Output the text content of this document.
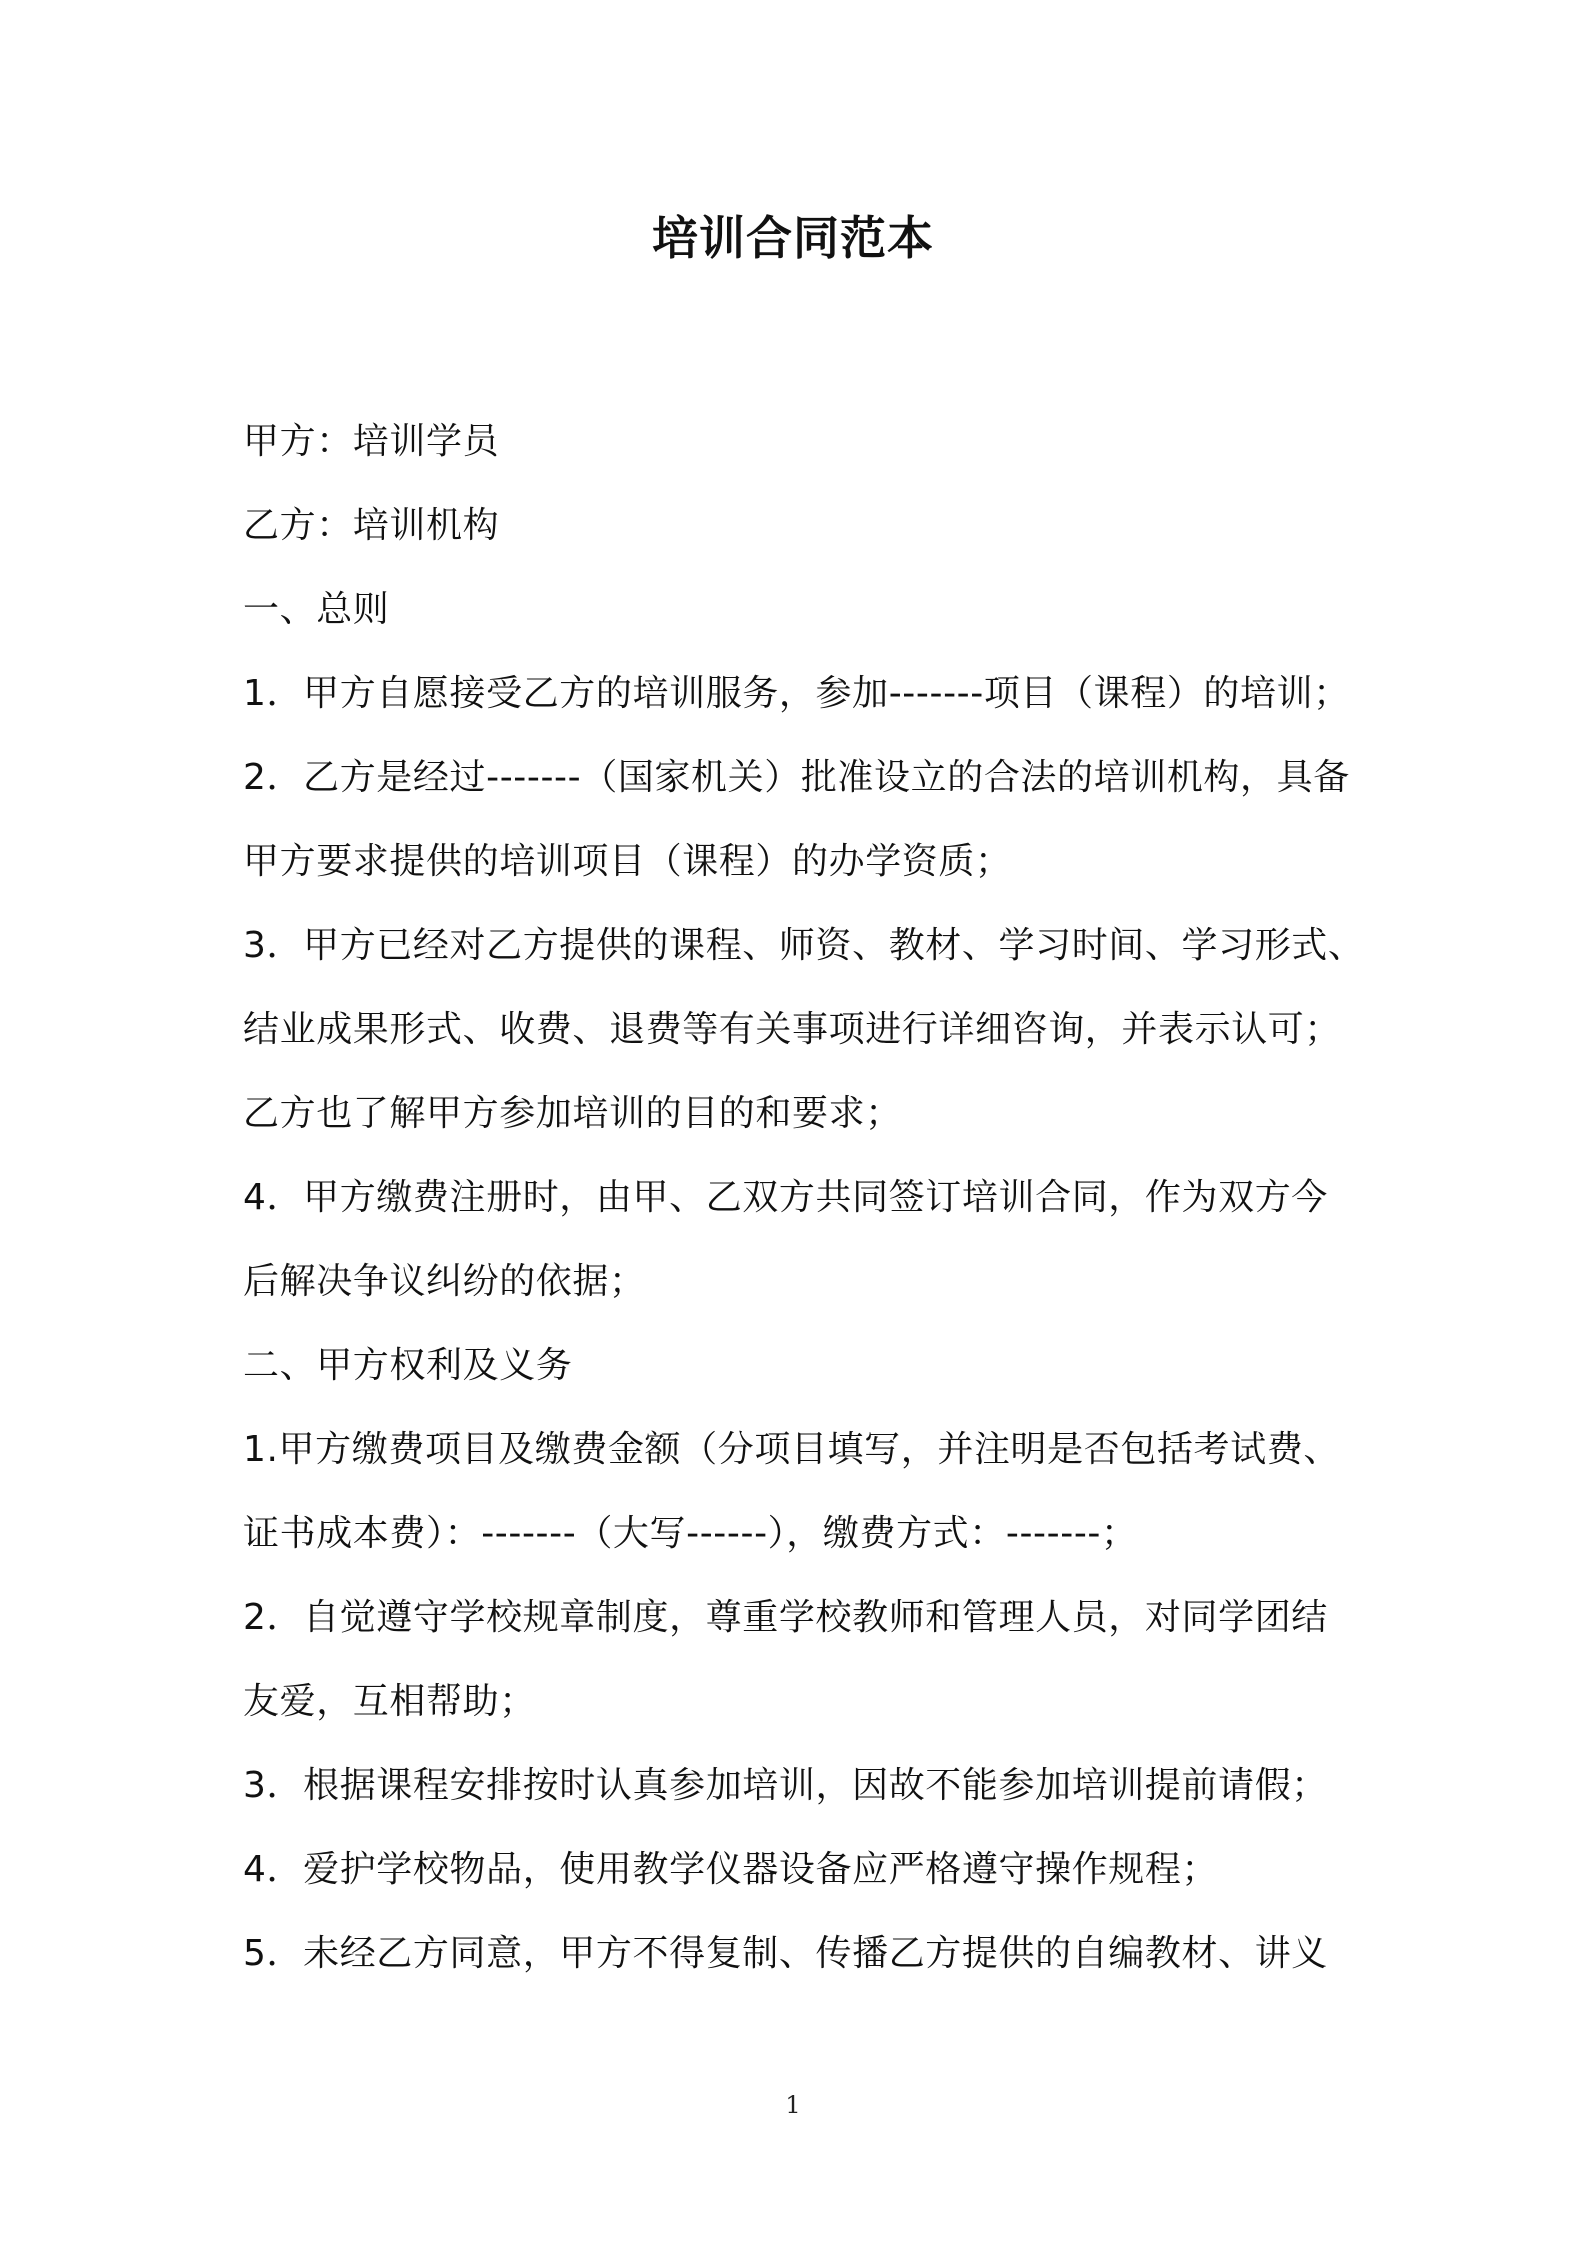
培训合同范本
甲方：培训学员
乙方：培训机构
一、总则
1．甲方自愿接受乙方的培训服务，参加-------项目（课程）的培训；
2．乙方是经过-------（国家机关）批准设立的合法的培训机构，具备
甲方要求提供的培训项目（课程）的办学资质；
3．甲方已经对乙方提供的课程、师资、教材、学习时间、学习形式、
结业成果形式、收费、退费等有关事项进行详细咨询，并表示认可；
乙方也了解甲方参加培训的目的和要求；
4．甲方缴费注册时，由甲、乙双方共同签订培训合同，作为双方今
后解决争议纠纷的依据；
二、甲方权利及义务
1.甲方缴费项目及缴费金额（分项目填写，并注明是否包括考试费、
证书成本费）：-------（大写------），缴费方式：-------；
2．自觉遵守学校规章制度，尊重学校教师和管理人员，对同学团结
友爱，互相帮助；
3．根据课程安排按时认真参加培训，因故不能参加培训提前请假；
4．爱护学校物品，使用教学仪器设备应严格遵守操作规程；
5．未经乙方同意，甲方不得复制、传播乙方提供的自编教材、讲义
1
